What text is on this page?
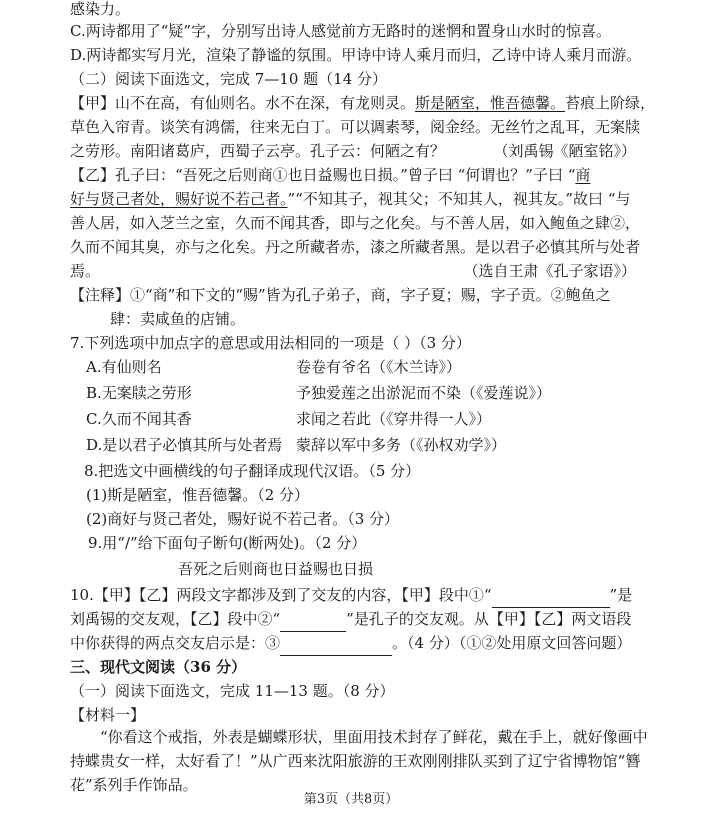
感染力。
C.两诗都用了“疑”字，分别写出诗人感觉前方无路时的迷惘和置身山水时的惊喜。
D.两诗都实写月光，渲染了静谧的氛围。甲诗中诗人乘月而归，乙诗中诗人乘月而游。
（二）阅读下面选文，完成 7—10 题（14 分）
【甲】山不在高，有仙则名。水不在深，有龙则灵。斯是陋室，惟吾德馨。苔痕上阶绿，
草色入帘青。谈笑有鸿儒，往来无白丁。可以调素琴，阅金经。无丝竹之乱耳，无案牍
之劳形。南阳诸葛庐，西蜀子云亭。孔子云：何陋之有？	（刘禹锡《陋室铭》）
【乙】孔子曰：“吾死之后则商①也日益赐也日损。”曾子曰 “何谓也？”子曰 “商
好与贤己者处，赐好说不若己者。”“不知其子，视其父；不知其人，视其友。”故曰 “与
善人居，如入芝兰之室，久而不闻其香，即与之化矣。与不善人居，如入鲍鱼之肆②，
久而不闻其臭，亦与之化矣。丹之所藏者赤，漆之所藏者黑。是以君子必慎其所与处者
焉。	（选自王肃《孔子家语》）
【注释】①“商”和下文的“赐”皆为孔子弟子，商，字子夏；赐，字子贡。②鲍鱼之
肆：卖咸鱼的店铺。
7.下列选项中加点字的意思或用法相同的一项是（ ）（3 分）
A.有仙则名	卷卷有爷名（《木兰诗》）
B.无案牍之劳形	予独爱莲之出淤泥而不染（《爱莲说》）
C.久而不闻其香	求闻之若此（《穿井得一人》）
D.是以君子必慎其所与处者焉 蒙辞以军中多务（《孙权劝学》）
8.把选文中画横线的句子翻译成现代汉语。（5 分）
(1)斯是陋室，惟吾德馨。（2 分）
(2)商好与贤己者处，赐好说不若己者。（3 分）
9.用“/”给下面句子断句(断两处)。（2 分）
吾死之后则商也日益赐也日损
10.【甲】【乙】两段文字都涉及到了交友的内容，【甲】段中①“	”是
刘禹锡的交友观，【乙】段中②“	”是孔子的交友观。从【甲】【乙】两文语段
中你获得的两点交友启示是：③	。（4 分）（①②处用原文回答问题）
三、现代文阅读（36 分）
（一）阅读下面选文，完成 11—13 题。（8 分）
【材料一】
“你看这个戒指，外表是蝴蝶形状，里面用技术封存了鲜花，戴在手上，就好像画中
持蝶贵女一样，太好看了！”从广西来沈阳旅游的王欢刚刚排队买到了辽宁省博物馆“簪
花”系列手作饰品。
第3页（共8页）
